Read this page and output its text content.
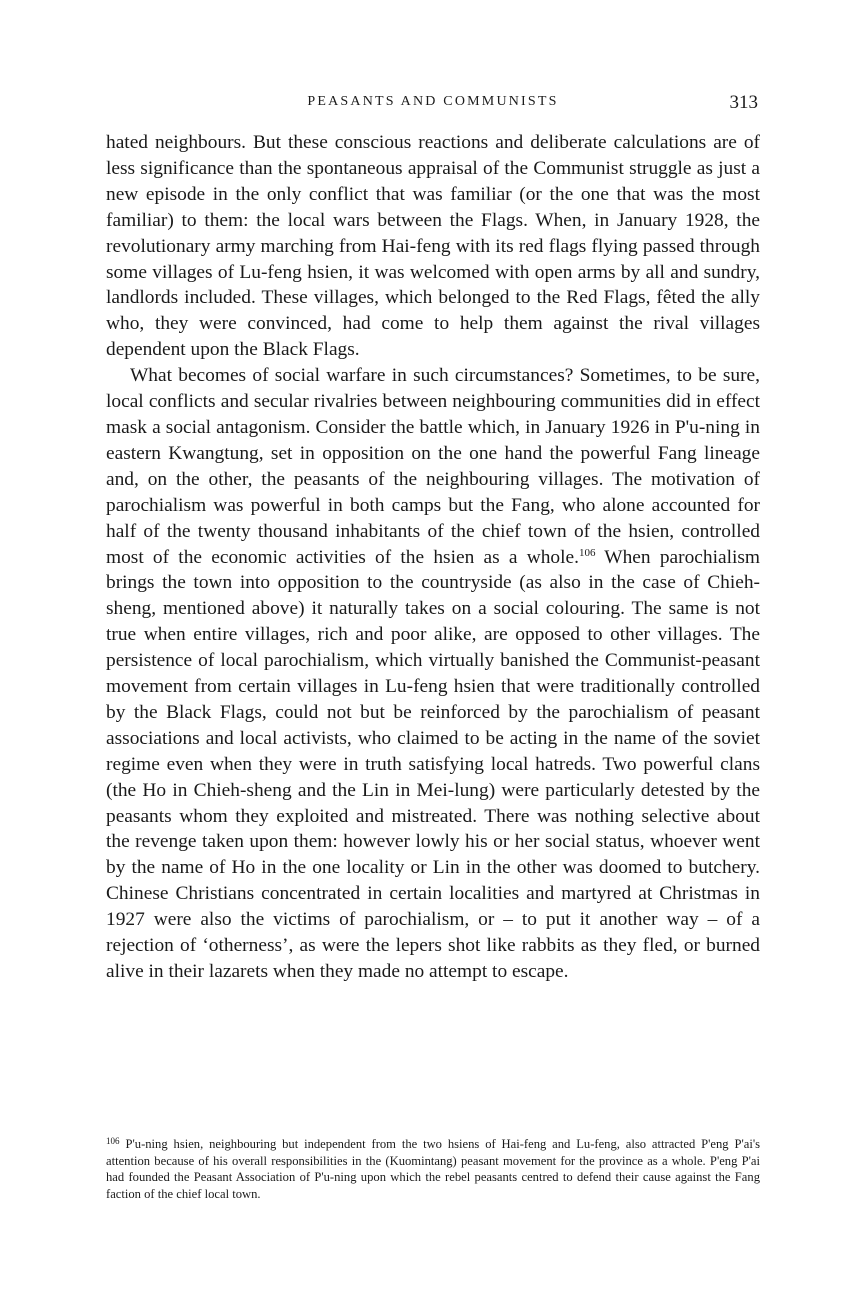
PEASANTS AND COMMUNISTS	313

hated neighbours. But these conscious reactions and deliberate calculations are of less significance than the spontaneous appraisal of the Communist struggle as just a new episode in the only conflict that was familiar (or the one that was the most familiar) to them: the local wars between the Flags. When, in January 1928, the revolutionary army marching from Hai-feng with its red flags flying passed through some villages of Lu-feng hsien, it was welcomed with open arms by all and sundry, landlords included. These villages, which belonged to the Red Flags, fêted the ally who, they were convinced, had come to help them against the rival villages dependent upon the Black Flags.

What becomes of social warfare in such circumstances? Sometimes, to be sure, local conflicts and secular rivalries between neighbouring communities did in effect mask a social antagonism. Consider the battle which, in January 1926 in P'u-ning in eastern Kwangtung, set in opposition on the one hand the powerful Fang lineage and, on the other, the peasants of the neighbouring villages. The motivation of parochialism was powerful in both camps but the Fang, who alone accounted for half of the twenty thousand inhabitants of the chief town of the hsien, controlled most of the economic activities of the hsien as a whole.$^{106}$ When parochialism brings the town into opposition to the countryside (as also in the case of Chieh-sheng, mentioned above) it naturally takes on a social colouring. The same is not true when entire villages, rich and poor alike, are opposed to other villages. The persistence of local parochialism, which virtually banished the Communist-peasant movement from certain villages in Lu-feng hsien that were traditionally controlled by the Black Flags, could not but be reinforced by the parochialism of peasant associations and local activists, who claimed to be acting in the name of the soviet regime even when they were in truth satisfying local hatreds. Two powerful clans (the Ho in Chieh-sheng and the Lin in Mei-lung) were particularly detested by the peasants whom they exploited and mistreated. There was nothing selective about the revenge taken upon them: however lowly his or her social status, whoever went by the name of Ho in the one locality or Lin in the other was doomed to butchery. Chinese Christians concentrated in certain localities and martyred at Christmas in 1927 were also the victims of parochialism, or – to put it another way – of a rejection of ‘otherness’, as were the lepers shot like rabbits as they fled, or burned alive in their lazarets when they made no attempt to escape.

$^{106}$ P'u-ning hsien, neighbouring but independent from the two hsiens of Hai-feng and Lu-feng, also attracted P'eng P'ai's attention because of his overall responsibilities in the (Kuomintang) peasant movement for the province as a whole. P'eng P'ai had founded the Peasant Association of P'u-ning upon which the rebel peasants centred to defend their cause against the Fang faction of the chief local town.
